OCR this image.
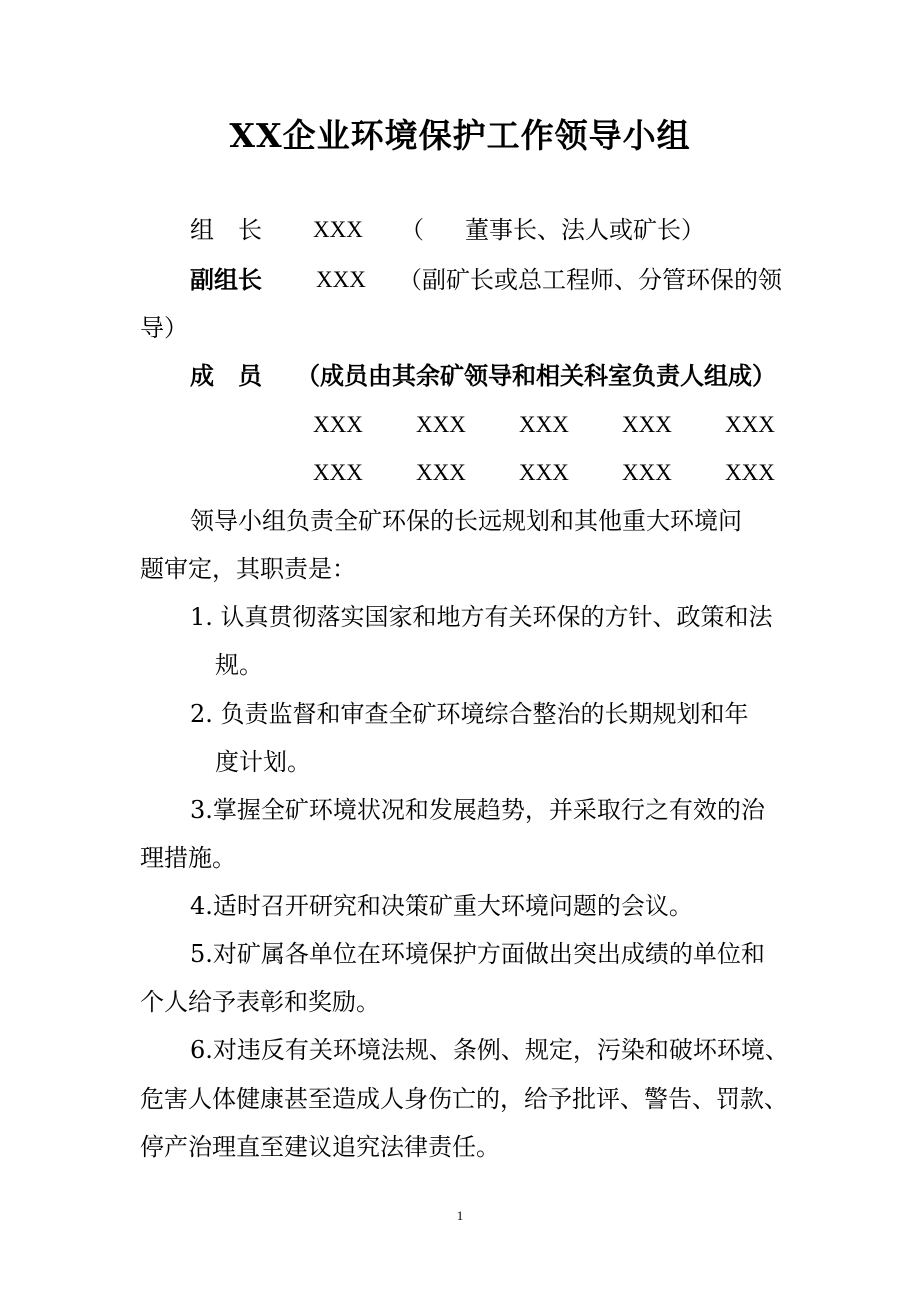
XX企业环境保护工作领导小组
组　长 XXX （ 董事长、法人或矿长）
副组长 XXX （副矿长或总工程师、分管环保的领
导）
成　员 （成员由其余矿领导和相关科室负责人组成）
XXX XXX XXX XXX XXX
XXX XXX XXX XXX XXX
领导小组负责全矿环保的长远规划和其他重大环境问
题审定，其职责是：
1. 认真贯彻落实国家和地方有关环保的方针、政策和法
规。
2. 负责监督和审查全矿环境综合整治的长期规划和年
度计划。
3.掌握全矿环境状况和发展趋势，并采取行之有效的治
理措施。
4.适时召开研究和决策矿重大环境问题的会议。
5.对矿属各单位在环境保护方面做出突出成绩的单位和
个人给予表彰和奖励。
6.对违反有关环境法规、条例、规定，污染和破坏环境、
危害人体健康甚至造成人身伤亡的，给予批评、警告、罚款、
停产治理直至建议追究法律责任。
1
